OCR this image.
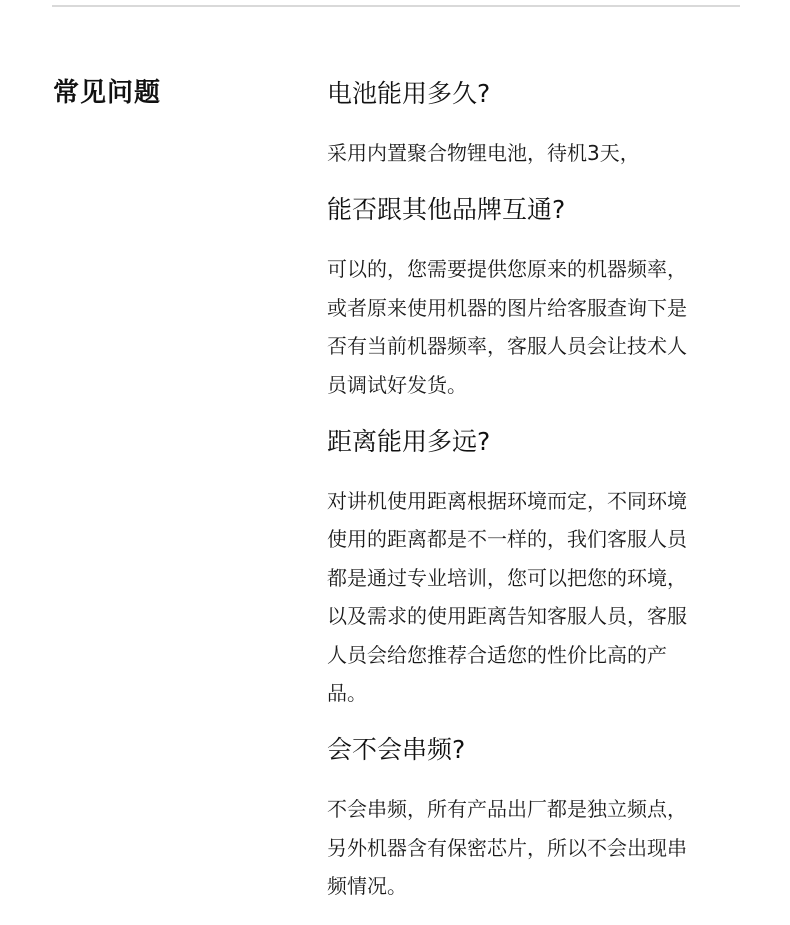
常见问题	电池能用多久?

采用内置聚合物锂电池，待机3天，

能否跟其他品牌互通?

可以的，您需要提供您原来的机器频率，或者原来使用机器的图片给客服查询下是否有当前机器频率，客服人员会让技术人员调试好发货。

距离能用多远?

对讲机使用距离根据环境而定，不同环境使用的距离都是不一样的，我们客服人员都是通过专业培训，您可以把您的环境，以及需求的使用距离告知客服人员，客服人员会给您推荐合适您的性价比高的产品。

会不会串频?

不会串频，所有产品出厂都是独立频点，另外机器含有保密芯片，所以不会出现串频情况。
